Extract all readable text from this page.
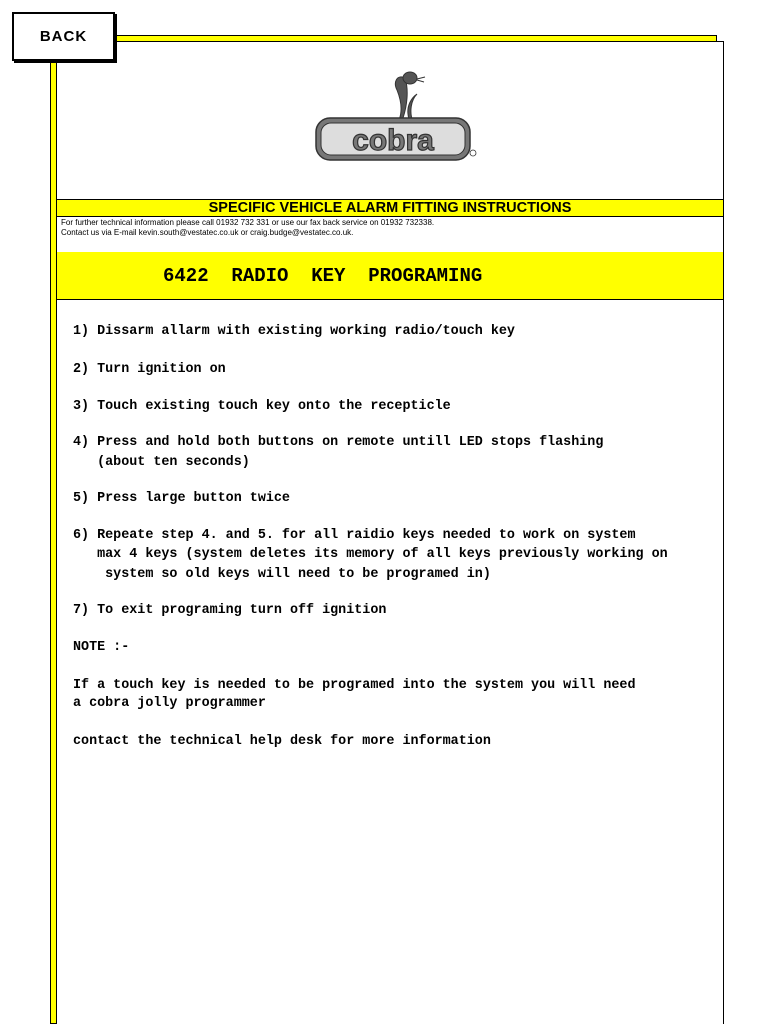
BACK
cobra
SPECIFIC VEHICLE ALARM FITTING INSTRUCTIONS
For further technical information please call 01932 732 331 or use our fax back service on 01932 732338.
Contact us via E-mail kevin.south@vestatec.co.uk or craig.budge@vestatec.co.uk.
6422  RADIO  KEY  PROGRAMING

1) Dissarm allarm with existing working radio/touch key

2) Turn ignition on

3) Touch existing touch key onto the recepticle

4) Press and hold both buttons on remote untill LED stops flashing

(about ten seconds)

5) Press large button twice

6) Repeate step 4. and 5. for all raidio keys needed to work on system

max 4 keys (system deletes its memory of all keys previously working on

system so old keys will need to be programed in)

7) To exit programing turn off ignition

NOTE :-

If a touch key is needed to be programed into the system you will need

a cobra jolly programmer

contact the technical help desk for more information
